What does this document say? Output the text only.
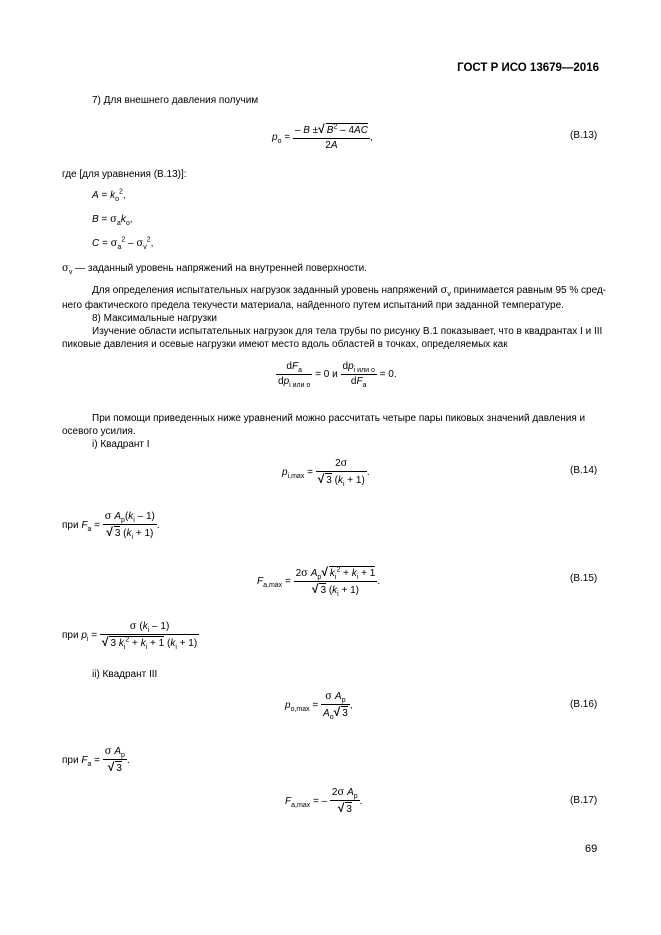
ГОСТ Р ИСО 13679—2016
7) Для внешнего давления получим
$p_o = \frac{- B \pm√ B^2 - 4AC}{2A}$ ,	(В.13)
где [для уравнения (В.13)]:
$A = k_o^2$,
$B = \sigma_ak_o$,
$C = \sigma_a^2 - \sigma_v^2$,
$\sigma_v$ — заданный уровень напряжений на внутренней поверхности.
Для определения испытательных нагрузок заданный уровень напряжений $\sigma_v$ принимается равным 95 % сред-
него фактического предела текучести материала, найденного путем испытаний при заданной температуре.
8) Максимальные нагрузки
Изучение области испытательных нагрузок для тела трубы по рисунку В.1 показывает, что в квадрантах I и III
пиковые давления и осевые нагрузки имеют место вдоль областей в точках, определяемых как
$\frac{dF_a}{dp_{i или о}} = 0$ и $\frac{dp_{i или о}}{dF_a} = 0$.
При помощи приведенных ниже уравнений можно рассчитать четыре пары пиковых значений давления и
осевого усилия.
i) Квадрант I
$p_{i,max} = \frac{2\sigma}{√ 3 (k_i + 1)}$ .	(В.14)
при $F_a = \frac{\sigma A_p(k_i - 1)}{√ 3 (k_i + 1)}$ .
$F_{a,max} = \frac{2\sigma A_p√ k_i^2 + k_i + 1}{√ 3 (k_i + 1)}$ .	(В.15)
при $p_i = \frac{\sigma (k_i - 1)}{√ 3 k_i^2 + k_i + 1 (k_i + 1)}$
ii) Квадрант III
$p_{o,max} = \frac{\sigma A_p}{A_o√ 3}$ ,	(В.16)
при $F_a = \frac{\sigma A_p}{√ 3}$ .
$F_{a,max}$ = – $\frac{2\sigma A_p}{√ 3}$ .	(В.17)
69
